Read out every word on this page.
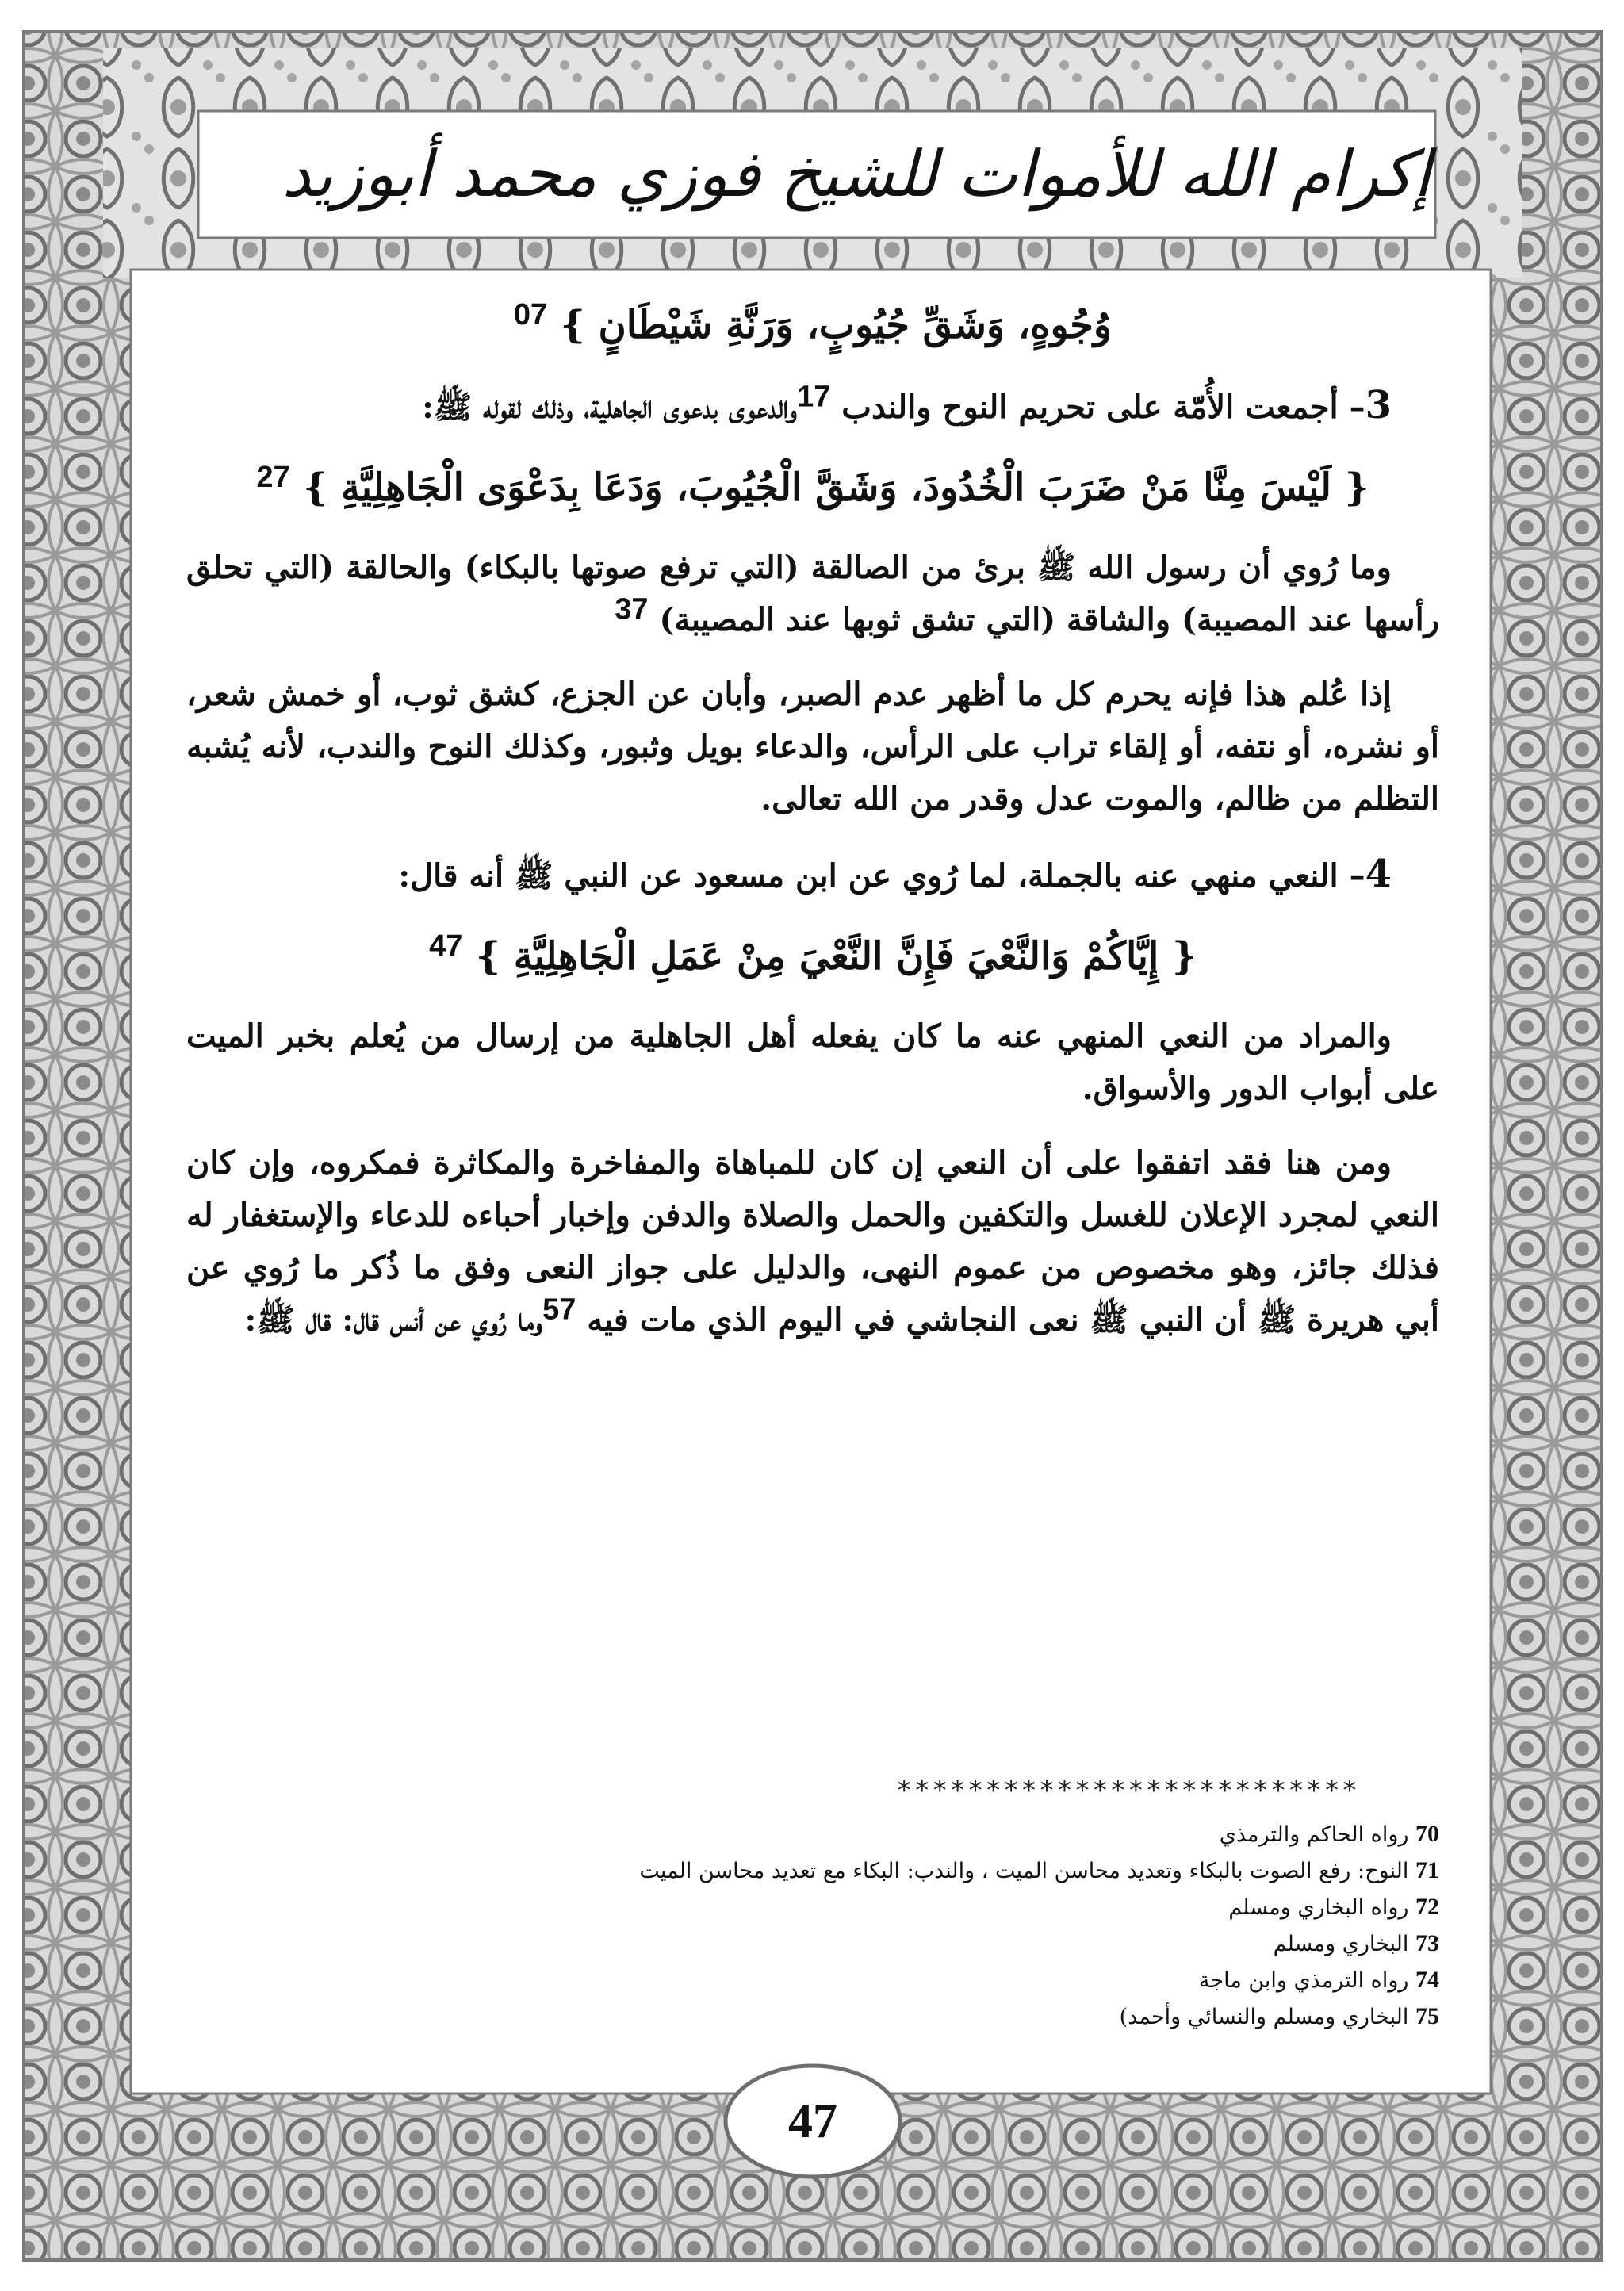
إكرام الله للأموات للشيخ فوزي محمد أبوزيد

وُجُوهٍ، وَشَقِّ جُيُوبٍ، وَرَنَّةِ شَيْطَانٍ } $^{07}$

3– أجمعت الأُمّة على تحريم النوح والندب 17والدعوى بدعوى الجاهلية، وذلك لقوله ﷺ:

{ لَيْسَ مِنَّا مَنْ ضَرَبَ الْخُدُودَ، وَشَقَّ الْجُيُوبَ، وَدَعَا بِدَعْوَى الْجَاهِلِيَّةِ } $^{27}$

وما رُوي أن رسول الله ﷺ برئ من الصالقة (التي ترفع صوتها بالبكاء) والحالقة (التي تحلق رأسها عند المصيبة) والشاقة (التي تشق ثوبها عند المصيبة) 37

إذا عُلم هذا فإنه يحرم كل ما أظهر عدم الصبر، وأبان عن الجزع، كشق ثوب، أو خمش شعر، أو نشره، أو نتفه، أو إلقاء تراب على الرأس، والدعاء بويل وثبور، وكذلك النوح والندب، لأنه يُشبه التظلم من ظالم، والموت عدل وقدر من الله تعالى.

4– النعي منهي عنه بالجملة، لما رُوي عن ابن مسعود عن النبي ﷺ أنه قال:

{ إِيَّاكُمْ وَالنَّعْيَ فَإِنَّ النَّعْيَ مِنْ عَمَلِ الْجَاهِلِيَّةِ } $^{47}$

والمراد من النعي المنهي عنه ما كان يفعله أهل الجاهلية من إرسال من يُعلم بخبر الميت على أبواب الدور والأسواق.

ومن هنا فقد اتفقوا على أن النعي إن كان للمباهاة والمفاخرة والمكاثرة فمكروه، وإن كان النعي لمجرد الإعلان للغسل والتكفين والحمل والصلاة والدفن وإخبار أحباءه للدعاء والإستغفار له فذلك جائز، وهو مخصوص من عموم النهى، والدليل على جواز النعى وفق ما ذُكر ما رُوي عن أبي هريرة ﷺ أن النبي ﷺ نعى النجاشي في اليوم الذي مات فيه 57وما رُوي عن أنس قال: قال ﷺ:

**************************

70 رواه الحاكم والترمذي

71 النوح: رفع الصوت بالبكاء وتعديد محاسن الميت ، والندب: البكاء مع تعديد محاسن الميت

72 رواه البخاري ومسلم

73 البخاري ومسلم

74 رواه الترمذي وابن ماجة

75 البخاري ومسلم والنسائي وأحمد)

47
